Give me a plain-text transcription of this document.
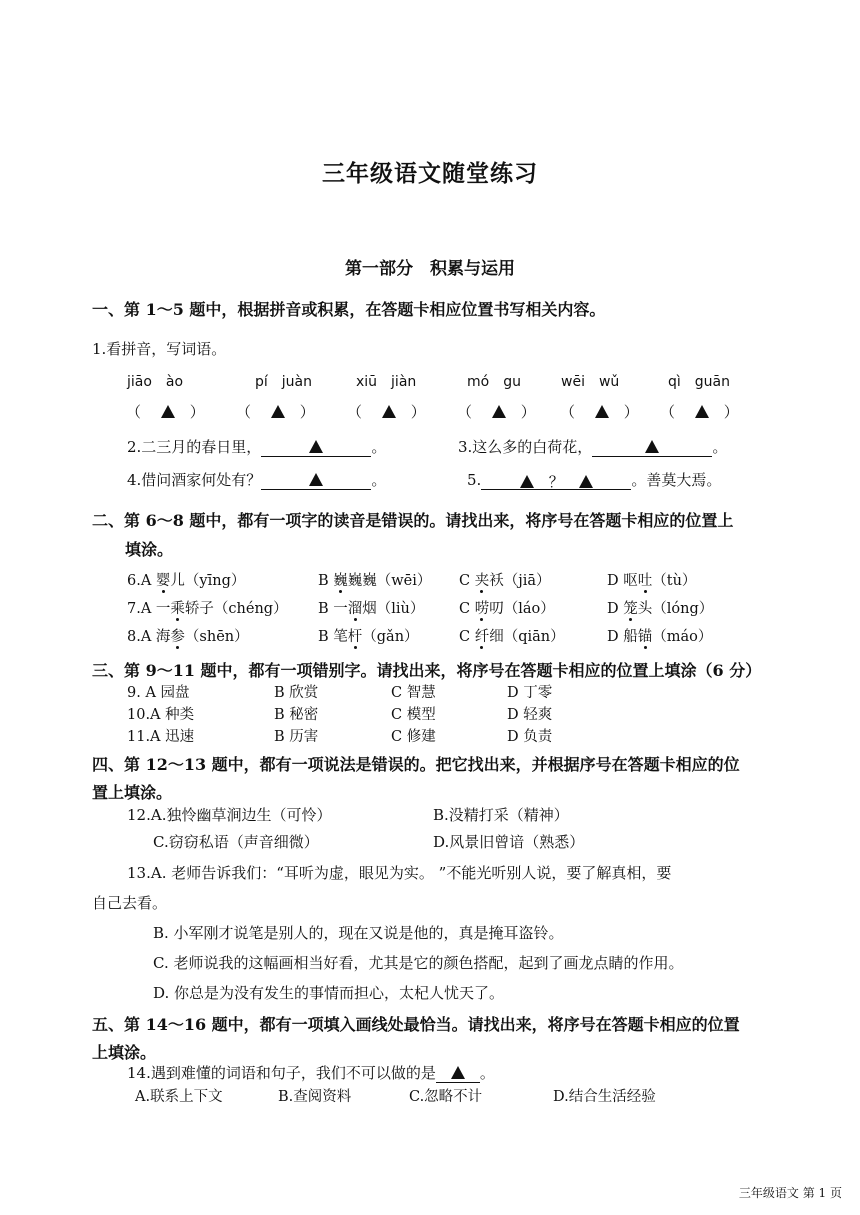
三年级语文随堂练习
第一部分　积累与运用
一、第 1～5 题中，根据拼音或积累，在答题卡相应位置书写相关内容。
1.看拼音，写词语。
jiāo　ào	pí　juàn	xiū　jiàn	mó　gu	wēi　wǔ	qì　guān
（　 　） （　 　） （　 　） （　 　） （　 　） （　 　）
2.二三月的春日里，	。	3.这么多的白荷花，	。
4.借问酒家何处有？	。	5.　	？　	。善莫大焉。
二、第 6～8 题中，都有一项字的读音是错误的。请找出来，将序号在答题卡相应的位置上
填涂。
6.A 婴儿（yīng）	B 巍巍巍（wēi） C 夹袄（jiā）	D 呕吐（tù）
7.A 一乘轿子（chéng） B 一溜烟（liù） C 唠叨（láo）	D 笼头（lóng）
8.A 海参（shēn）	B 笔杆（gǎn）	C 纤细（qiān）	D 船锚（máo）
三、第 9～11 题中，都有一项错别字。请找出来，将序号在答题卡相应的位置上填涂（6 分）
9. A 园盘	B 欣赏	C 智慧	D 丁零
10.A 种类	B 秘密	C 模型	D 轻爽
11.A 迅速	B 历害	C 修建	D 负责
四、第 12～13 题中，都有一项说法是错误的。把它找出来，并根据序号在答题卡相应的位
置上填涂。
12.A.独怜幽草涧边生（可怜）	B.没精打采（精神）
C.窃窃私语（声音细微）	D.风景旧曾谙（熟悉）
13.A. 老师告诉我们：“耳听为虚，眼见为实。 ”不能光听别人说，要了解真相，要
自己去看。
B. 小军刚才说笔是别人的，现在又说是他的，真是掩耳盗铃。
C. 老师说我的这幅画相当好看，尤其是它的颜色搭配，起到了画龙点睛的作用。
D. 你总是为没有发生的事情而担心，太杞人忧天了。
五、第 14～16 题中，都有一项填入画线处最恰当。请找出来，将序号在答题卡相应的位置
上填涂。
14.遇到难懂的词语和句子，我们不可以做的是	。
A.联系上下文	B.查阅资料	C.忽略不计	D.结合生活经验
三年级语文 第 1 页
